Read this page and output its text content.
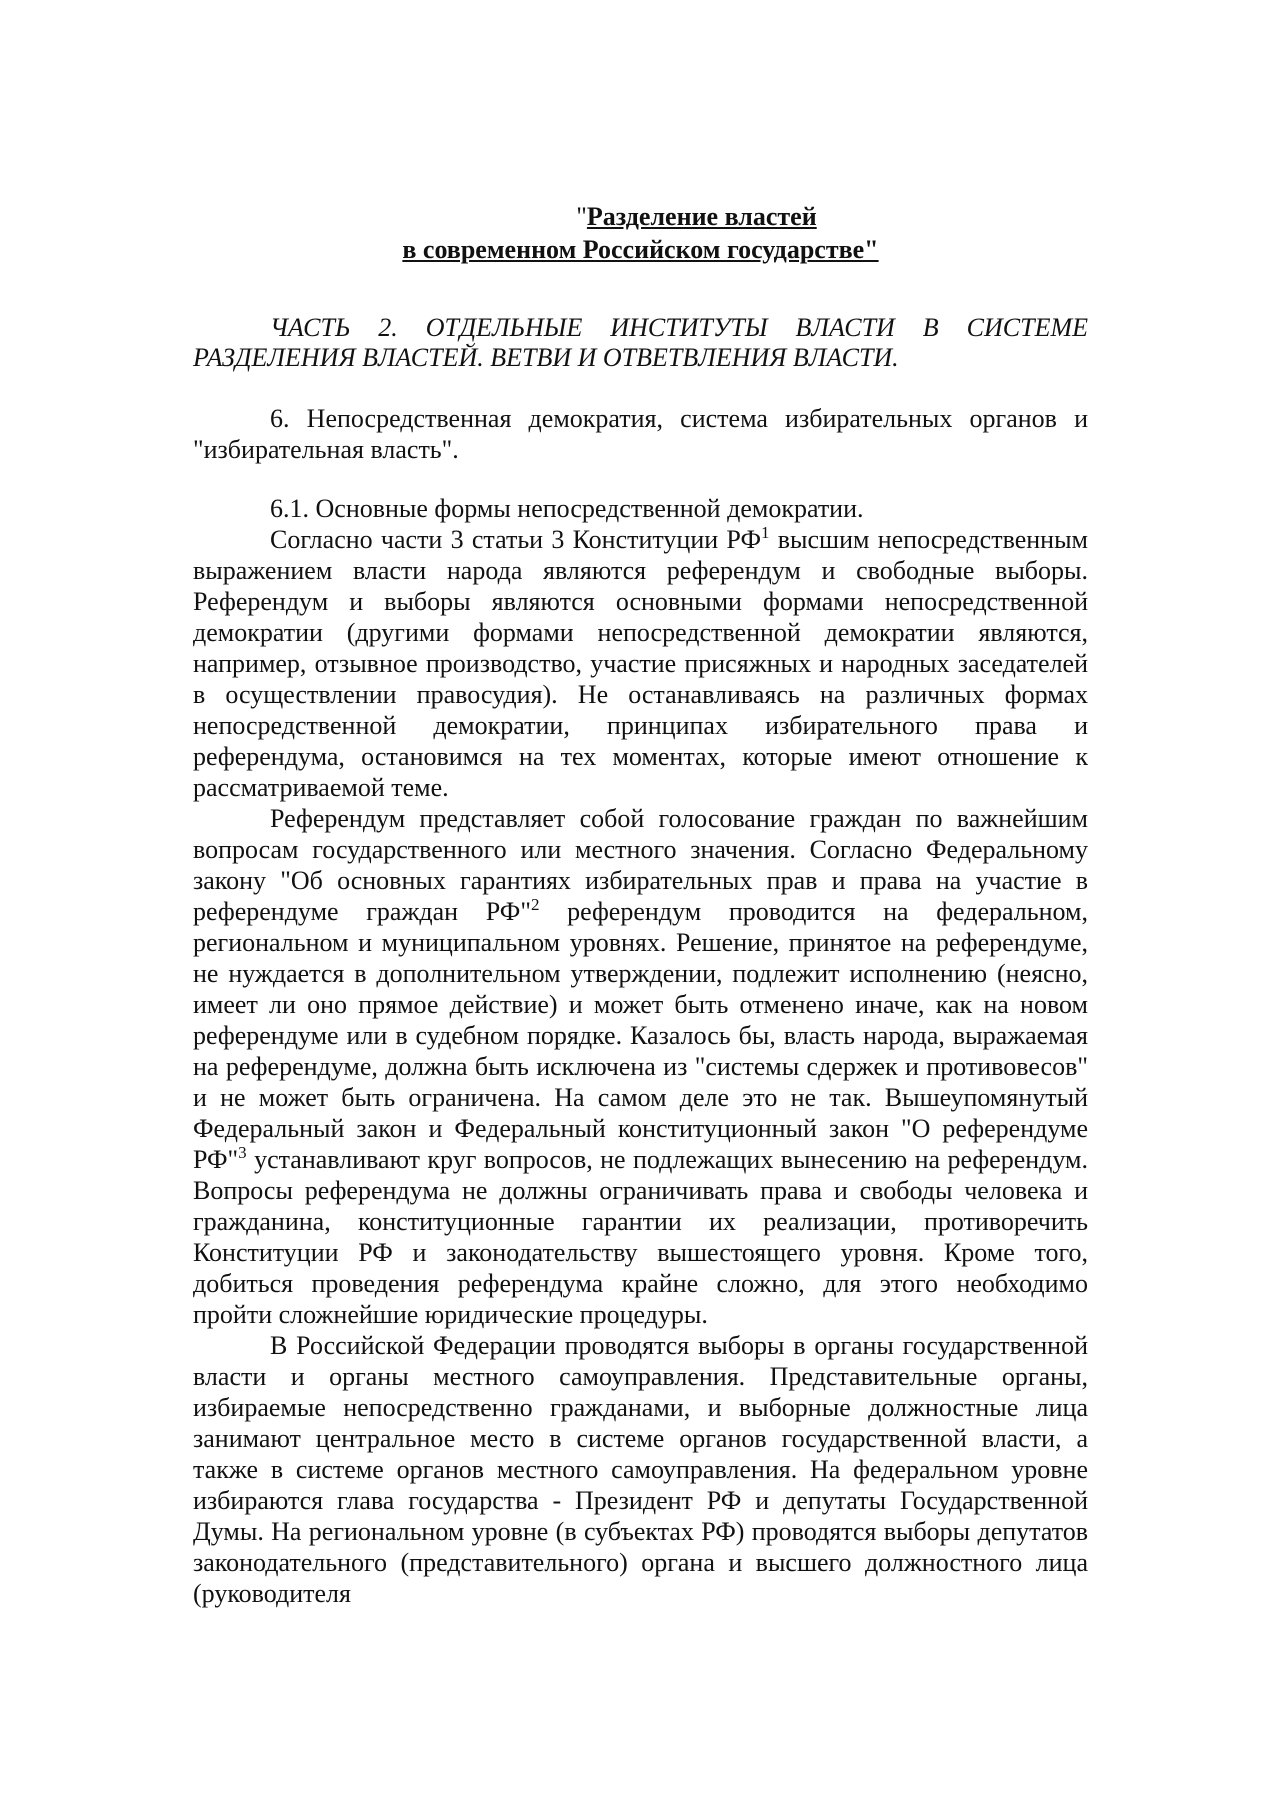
"Разделение властей
в современном Российском государстве"

ЧАСТЬ 2. ОТДЕЛЬНЫЕ ИНСТИТУТЫ ВЛАСТИ В СИСТЕМЕ РАЗДЕЛЕНИЯ ВЛАСТЕЙ. ВЕТВИ И ОТВЕТВЛЕНИЯ ВЛАСТИ.

6. Непосредственная демократия, система избирательных органов и "избирательная власть".

6.1. Основные формы непосредственной демократии.

Согласно части 3 статьи 3 Конституции $РФ^1$ высшим непосредственным выражением власти народа являются референдум и свободные выборы. Референдум и выборы являются основными формами непосредственной демократии (другими формами непосредственной демократии являются, например, отзывное производство, участие присяжных и народных заседателей в осуществлении правосудия). Не останавливаясь на различных формах непосредственной демократии, принципах избирательного права и референдума, остановимся на тех моментах, которые имеют отношение к рассматриваемой теме.

Референдум представляет собой голосование граждан по важнейшим вопросам государственного или местного значения. Согласно Федеральному закону "Об основных гарантиях избирательных прав и права на участие в референдуме граждан РФ"$^2$ референдум проводится на федеральном, региональном и муниципальном уровнях. Решение, принятое на референдуме, не нуждается в дополнительном утверждении, подлежит исполнению (неясно, имеет ли оно прямое действие) и может быть отменено иначе, как на новом референдуме или в судебном порядке. Казалось бы, власть народа, выражаемая на референдуме, должна быть исключена из "системы сдержек и противовесов" и не может быть ограничена. На самом деле это не так. Вышеупомянутый Федеральный закон и Федеральный конституционный закон "О референдуме РФ"$^3$ устанавливают круг вопросов, не подлежащих вынесению на референдум. Вопросы референдума не должны ограничивать права и свободы человека и гражданина, конституционные гарантии их реализации, противоречить Конституции РФ и законодательству вышестоящего уровня. Кроме того, добиться проведения референдума крайне сложно, для этого необходимо пройти сложнейшие юридические процедуры.

В Российской Федерации проводятся выборы в органы государственной власти и органы местного самоуправления. Представительные органы, избираемые непосредственно гражданами, и выборные должностные лица занимают центральное место в системе органов государственной власти, а также в системе органов местного самоуправления. На федеральном уровне избираются глава государства - Президент РФ и депутаты Государственной Думы. На региональном уровне (в субъектах РФ) проводятся выборы депутатов законодательного (представительного) органа и высшего должностного лица (руководителя
